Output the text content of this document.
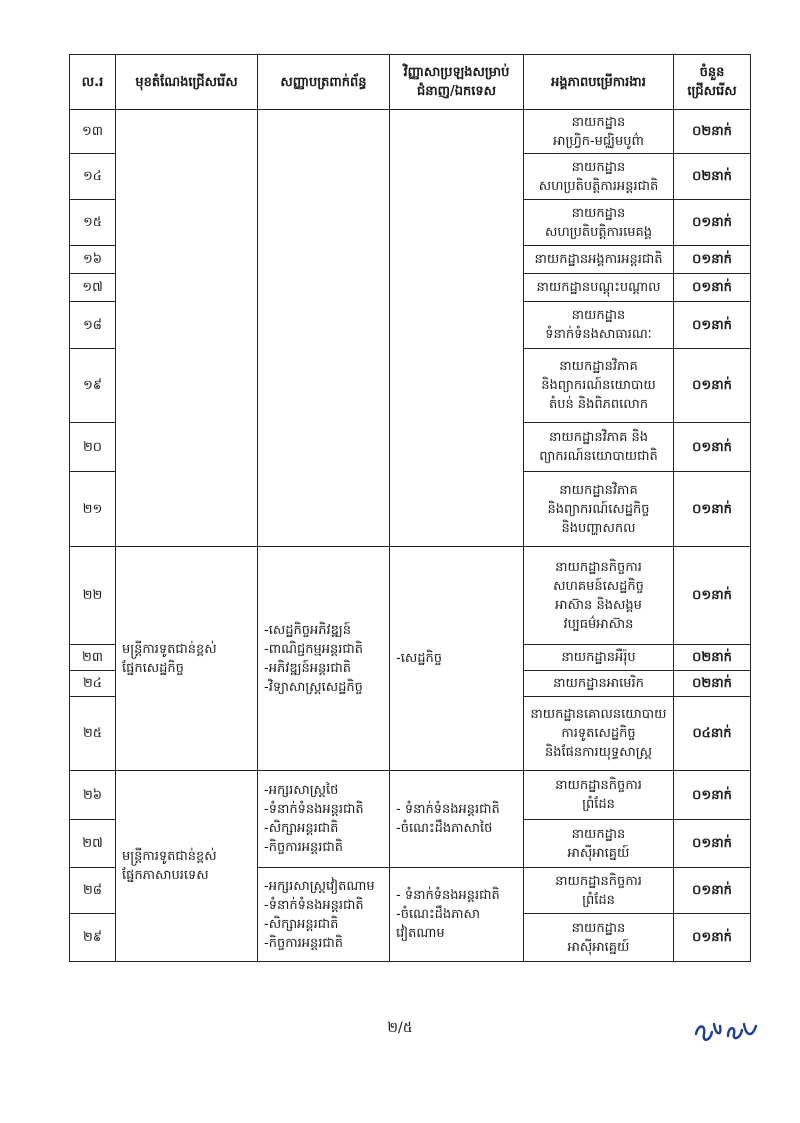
ល.រ	មុខតំណែងជ្រើសរើស	សញ្ញាបត្រពាក់ព័ន្ធ	វិញ្ញាសាប្រឡងសម្រាប់ ជំនាញ/ឯកទេស	អង្គភាពបម្រើការងារ	ចំនួន ជ្រើសរើស
១៣				នាយកដ្ឋាន
អាហ្វ្រិក-មជ្ឈិមបូព៌ា	០២នាក់
១៤				នាយកដ្ឋាន
សហប្រតិបត្តិការអន្តរជាតិ	០២នាក់
១៥				នាយកដ្ឋាន
សហប្រតិបត្តិការមេគង្គ	០១នាក់
១៦				នាយកដ្ឋានអង្គការអន្តរជាតិ	០១នាក់
១៧				នាយកដ្ឋានបណ្តុះបណ្តាល	០១នាក់
១៨				នាយកដ្ឋាន
ទំនាក់ទំនងសាធារណៈ	០១នាក់
១៩				នាយកដ្ឋានវិភាគ
និងព្យាករណ៍នយោបាយ
តំបន់ និងពិភពលោក	០១នាក់
២០				នាយកដ្ឋានវិភាគ និង
ព្យាករណ៍នយោបាយជាតិ	០១នាក់
២១				នាយកដ្ឋានវិភាគ
និងព្យាករណ៍សេដ្ឋកិច្ច
និងបញ្ហាសកល	០១នាក់
២២	មន្ត្រីការទូតជាន់ខ្ពស់
ផ្នែកសេដ្ឋកិច្ច	-សេដ្ឋកិច្ចអភិវឌ្ឍន៍
-ពាណិជ្ជកម្មអន្តរជាតិ
-អភិវឌ្ឍន៍អន្តរជាតិ
-វិទ្យាសាស្ត្រសេដ្ឋកិច្ច	-សេដ្ឋកិច្ច	នាយកដ្ឋានកិច្ចការ
សហគមន៍សេដ្ឋកិច្ច
អាស៊ាន និងសង្គម
វប្បធម៌អាស៊ាន	០១នាក់
២៣				នាយកដ្ឋានអឺរ៉ុប	០២នាក់
២៤				នាយកដ្ឋានអាមេរិក	០២នាក់
២៥				នាយកដ្ឋានគោលនយោបាយ
ការទូតសេដ្ឋកិច្ច
និងផែនការយុទ្ធសាស្ត្រ	០៤នាក់
២៦	មន្ត្រីការទូតជាន់ខ្ពស់
ផ្នែកភាសាបរទេស	-អក្សរសាស្ត្រថៃ
-ទំនាក់ទំនងអន្តរជាតិ
-សិក្សាអន្តរជាតិ
-កិច្ចការអន្តរជាតិ	- ទំនាក់ទំនងអន្តរជាតិ
-ចំណេះដឹងភាសាថៃ	នាយកដ្ឋានកិច្ចការ
ព្រំដែន	០១នាក់
២៧				នាយកដ្ឋាន
អាស៊ីអាគ្នេយ៍	០១នាក់
២៨		-អក្សរសាស្ត្រវៀតណាម
-ទំនាក់ទំនងអន្តរជាតិ
-សិក្សាអន្តរជាតិ
-កិច្ចការអន្តរជាតិ	- ទំនាក់ទំនងអន្តរជាតិ
-ចំណេះដឹងភាសា
វៀតណាម	នាយកដ្ឋានកិច្ចការ
ព្រំដែន	០១នាក់
២៩				នាយកដ្ឋាន
អាស៊ីអាគ្នេយ៍	០១នាក់
២/៥
